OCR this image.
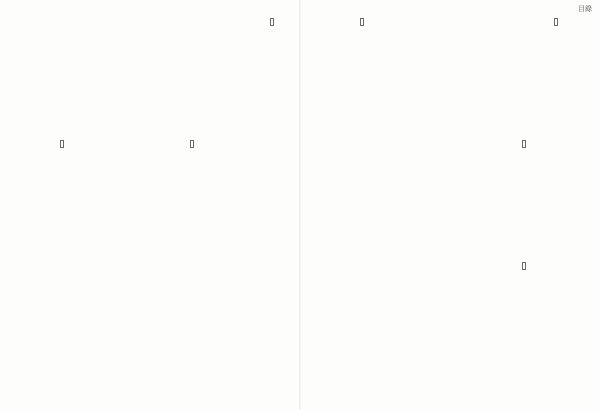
目錄
